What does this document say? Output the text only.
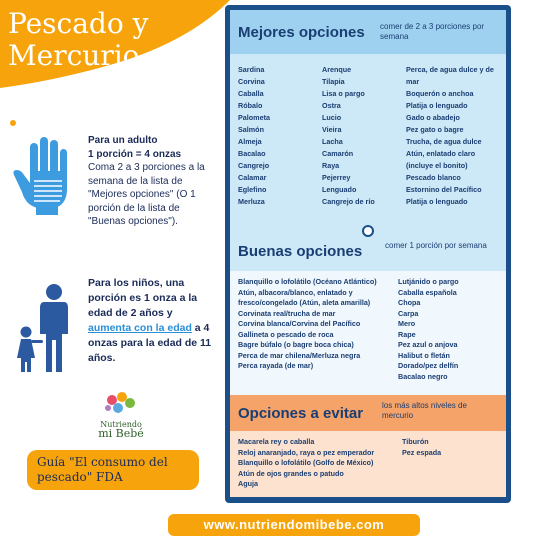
Pescado y
Mercurio
Para un adulto
1 porción = 4 onzas
Coma 2 a 3 porciones a la semana de la lista de "Mejores opciones" (O 1 porción de la lista de "Buenas opciones").
Para los niños, una porción es 1 onza a la edad de 2 años y aumenta con la edad a 4 onzas para la edad de 11 años.
Nutriendo
mi Bebé
Guía "El consumo del pescado" FDA
www.nutriendomibebe.com
Mejores opciones comer de 2 a 3 porciones por semana
Sardina
Corvina
Caballa
Róbalo
Palometa
Salmón
Almeja
Bacalao
Cangrejo
Calamar
Eglefino
Merluza
Arenque
Tilapia
Lisa o pargo
Ostra
Lucio
Vieira
Lacha
Camarón
Raya
Pejerrey
Lenguado
Cangrejo de río
Perca, de agua dulce y de mar
Boquerón o anchoa
Platija o lenguado
Gado o abadejo
Pez gato o bagre
Trucha, de agua dulce
Atún, enlatado claro (incluye el bonito)
Pescado blanco
Estornino del Pacífico
Platija o lenguado
Buenas opciones	comer 1 porción por semana
Blanquillo o lofolátilo (Océano Atlántico)
Atún, albacora/blanco, enlatado y fresco/congelado (Atún, aleta amarilla)
Corvinata real/trucha de mar
Corvina blanca/Corvina del Pacífico
Gallineta o pescado de roca
Bagre búfalo (o bagre boca chica)
Perca de mar chilena/Merluza negra
Perca rayada (de mar)
Lutjánido o pargo
Caballa española
Chopa
Carpa
Mero
Rape
Pez azul o anjova
Halibut o fletán
Dorado/pez delfín
Bacalao negro
Opciones a evitar los más altos niveles de mercurio
Macarela rey o caballa
Reloj anaranjado, raya o pez emperador
Blanquillo o lofolátilo (Golfo de México)
Atún de ojos grandes o patudo
Aguja
Tiburón
Pez espada
